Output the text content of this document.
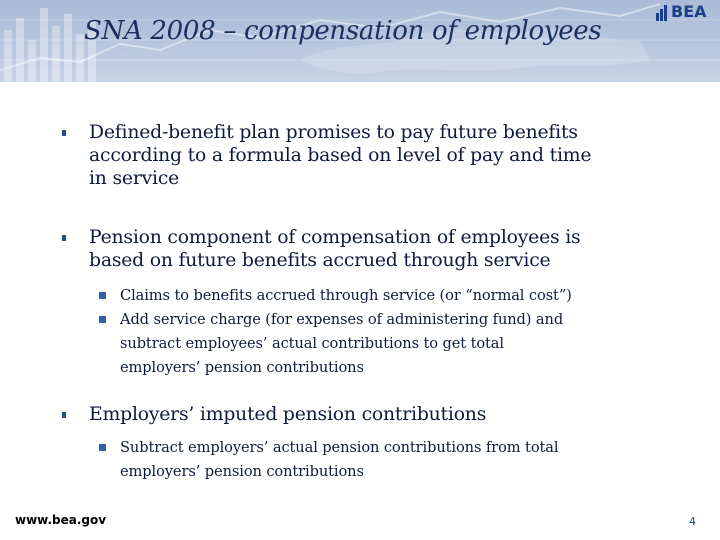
SNA 2008 – compensation of employees
BEA
Defined-benefit plan promises to pay future benefits
according to a formula based on level of pay and time
in service
Pension component of compensation of employees is
based on future benefits accrued through service
Claims to benefits accrued through service (or “normal cost”)
Add service charge (for expenses of administering fund) and
subtract employees’ actual contributions to get total
employers’ pension contributions
Employers’ imputed pension contributions
Subtract employers’ actual pension contributions from total
employers’ pension contributions
www.bea.gov	4
